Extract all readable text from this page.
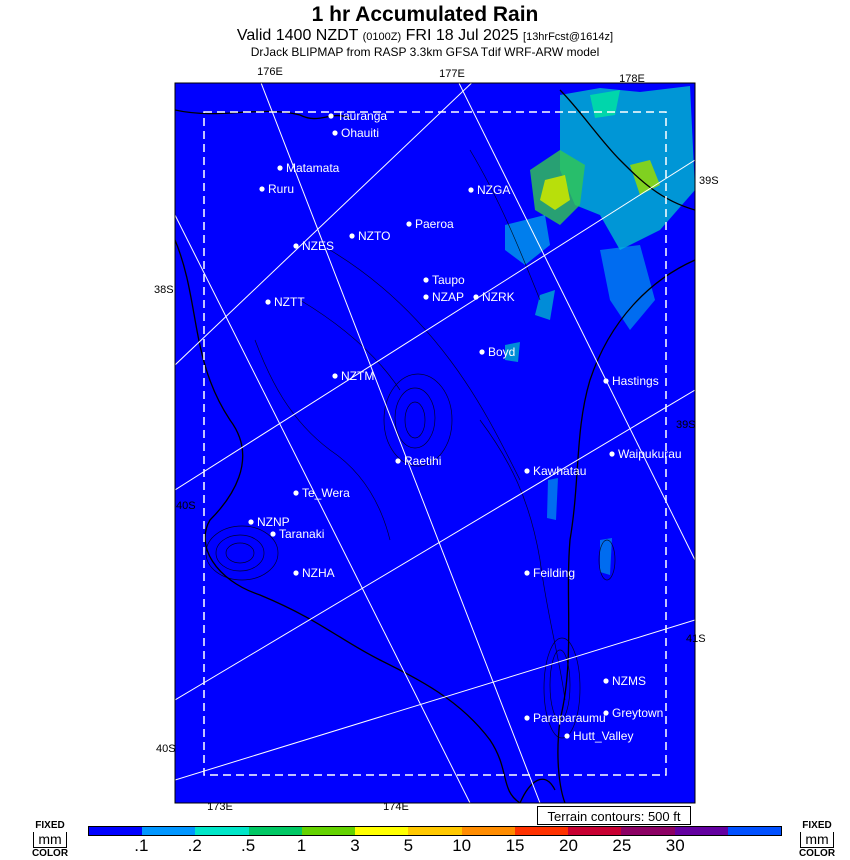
1 hr Accumulated Rain
Valid 1400 NZDT (0100Z) FRI 18 Jul 2025 [13hrFcst@1614z]
DrJack BLIPMAP from RASP 3.3km GFSA Tdif WRF-ARW model
Tauranga
Ohauiti
Matamata
Ruru	NZGA
Paeroa
NZES
NZTO
Taupo
NZAP NZRK
NZTT
Boyd
NZTM	Hastings
Waipukurau
Raetihi
Kawhatau
Te_Wera
NZNP
Taranaki
NZHA	Feilding
NZMS
Greytown
Paraparaumu
Hutt_Valley
176E	177E	178E
173E	174E
39S
38S
40S
39S
40S
41S
Terrain contours: 500 ft
FIXED
mm
COLOR
FIXED
mm
COLOR
.1 .2 .5 1	3	5 10 15 20 25 30
